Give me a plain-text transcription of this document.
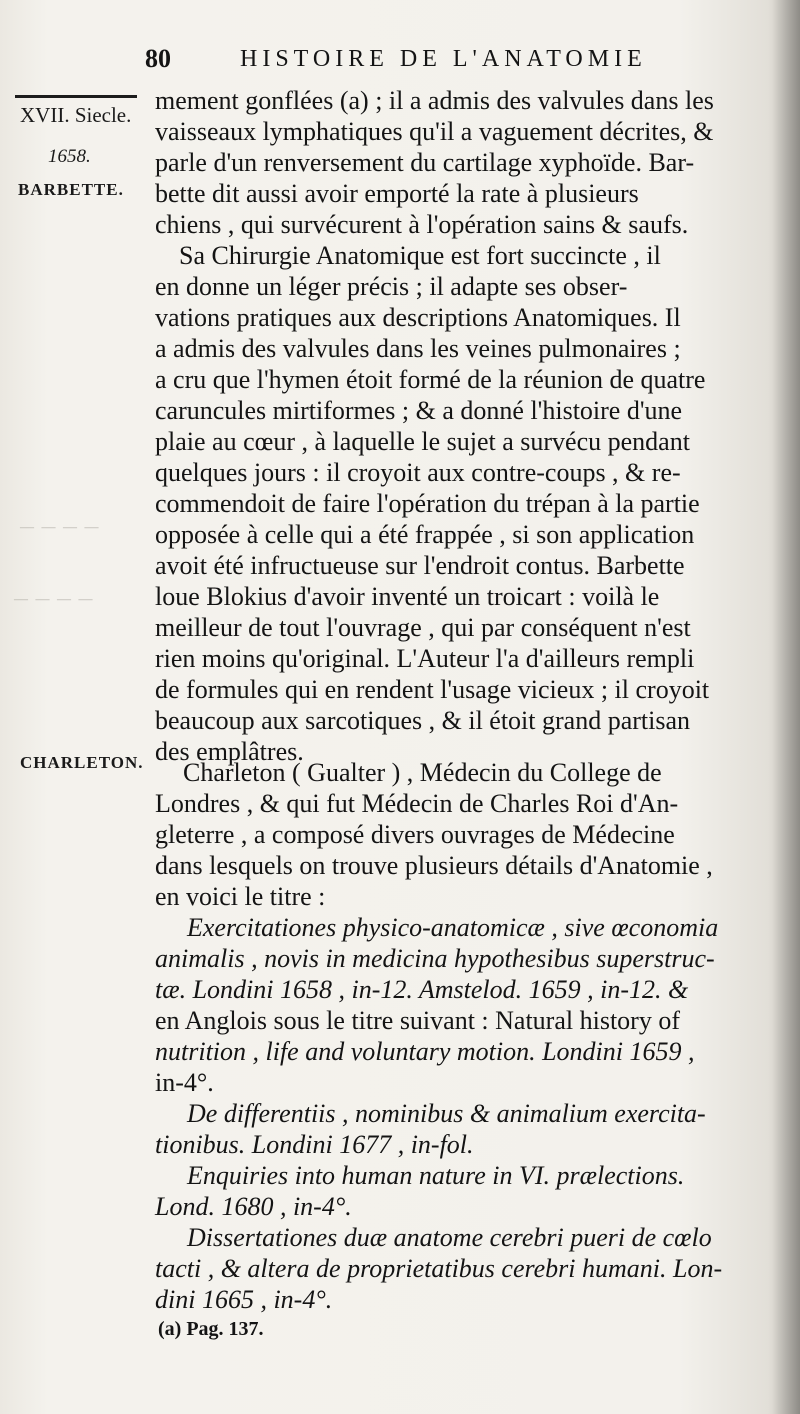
80	HISTOIRE DE L'ANATOMIE
XVII. Siecle.
1658.
BARBETTE.
CHARLETON.
— — — —
— — — —
mement gonflées (a) ; il a admis des valvules dans les
vaisseaux lymphatiques qu'il a vaguement décrites, &
parle d'un renversement du cartilage xyphoïde. Bar-
bette dit aussi avoir emporté la rate à plusieurs
chiens , qui survécurent à l'opération sains & saufs.
Sa Chirurgie Anatomique est fort succincte , il
en donne un léger précis ; il adapte ses obser-
vations pratiques aux descriptions Anatomiques. Il
a admis des valvules dans les veines pulmonaires ;
a cru que l'hymen étoit formé de la réunion de quatre
caruncules mirtiformes ; & a donné l'histoire d'une
plaie au cœur , à laquelle le sujet a survécu pendant
quelques jours : il croyoit aux contre-coups , & re-
commendoit de faire l'opération du trépan à la partie
opposée à celle qui a été frappée , si son application
avoit été infructueuse sur l'endroit contus. Barbette
loue Blokius d'avoir inventé un troicart : voilà le
meilleur de tout l'ouvrage , qui par conséquent n'est
rien moins qu'original. L'Auteur l'a d'ailleurs rempli
de formules qui en rendent l'usage vicieux ; il croyoit
beaucoup aux sarcotiques , & il étoit grand partisan
des emplâtres.
Charleton ( Gualter ) , Médecin du College de
Londres , & qui fut Médecin de Charles Roi d'An-
gleterre , a composé divers ouvrages de Médecine
dans lesquels on trouve plusieurs détails d'Anatomie ,
en voici le titre :
Exercitationes physico-anatomicæ , sive œconomia
animalis , novis in medicina hypothesibus superstruc-
tæ. Londini 1658 , in-12. Amstelod. 1659 , in-12. &
en Anglois sous le titre suivant : Natural history of
nutrition , life and voluntary motion. Londini 1659 ,
in-4°.
De differentiis , nominibus & animalium exercita-
tionibus. Londini 1677 , in-fol.
Enquiries into human nature in VI. prælections.
Lond. 1680 , in-4°.
Dissertationes duæ anatome cerebri pueri de cœlo
tacti , & altera de proprietatibus cerebri humani. Lon-
dini 1665 , in-4°.
(a) Pag. 137.
